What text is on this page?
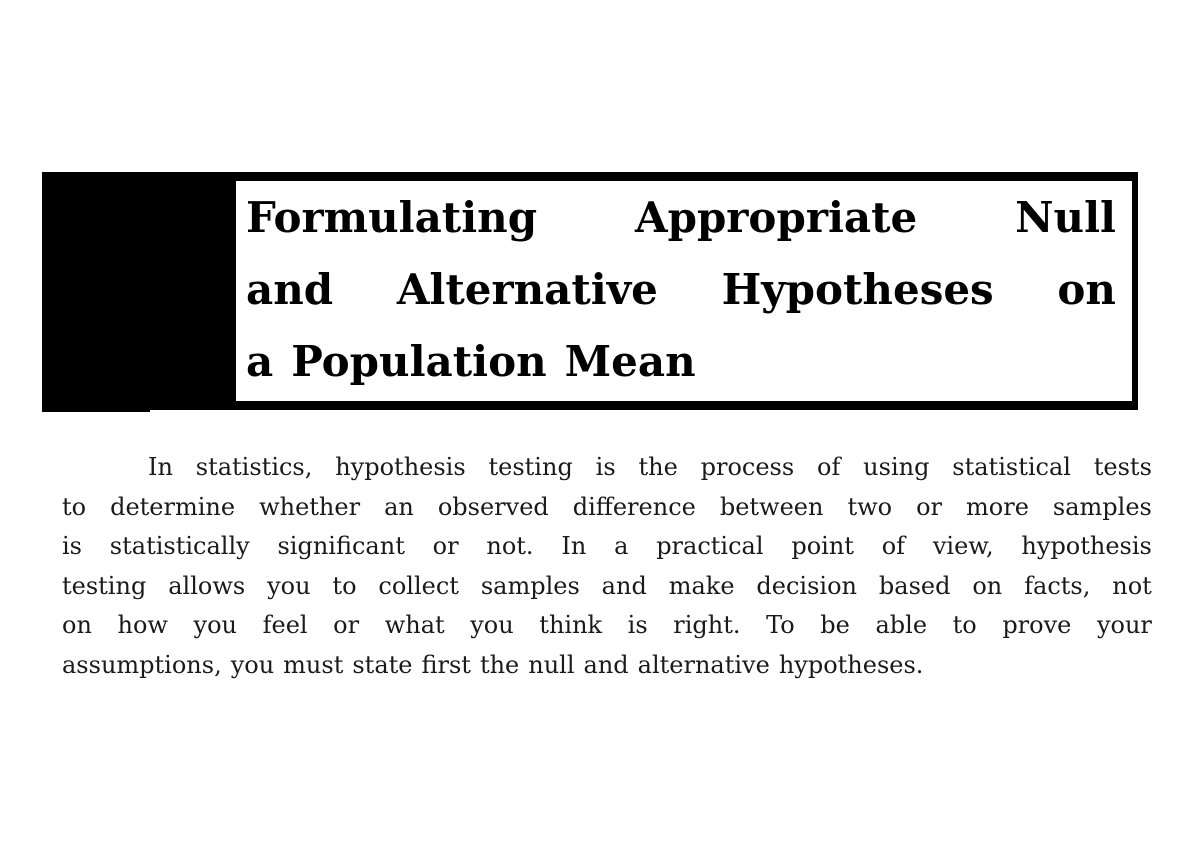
Formulating Appropriate Null
and Alternative Hypotheses on
a Population Mean
In statistics, hypothesis testing is the process of using statistical tests
to determine whether an observed difference between two or more samples
is statistically significant or not. In a practical point of view, hypothesis
testing allows you to collect samples and make decision based on facts, not
on how you feel or what you think is right. To be able to prove your
assumptions, you must state first the null and alternative hypotheses.
